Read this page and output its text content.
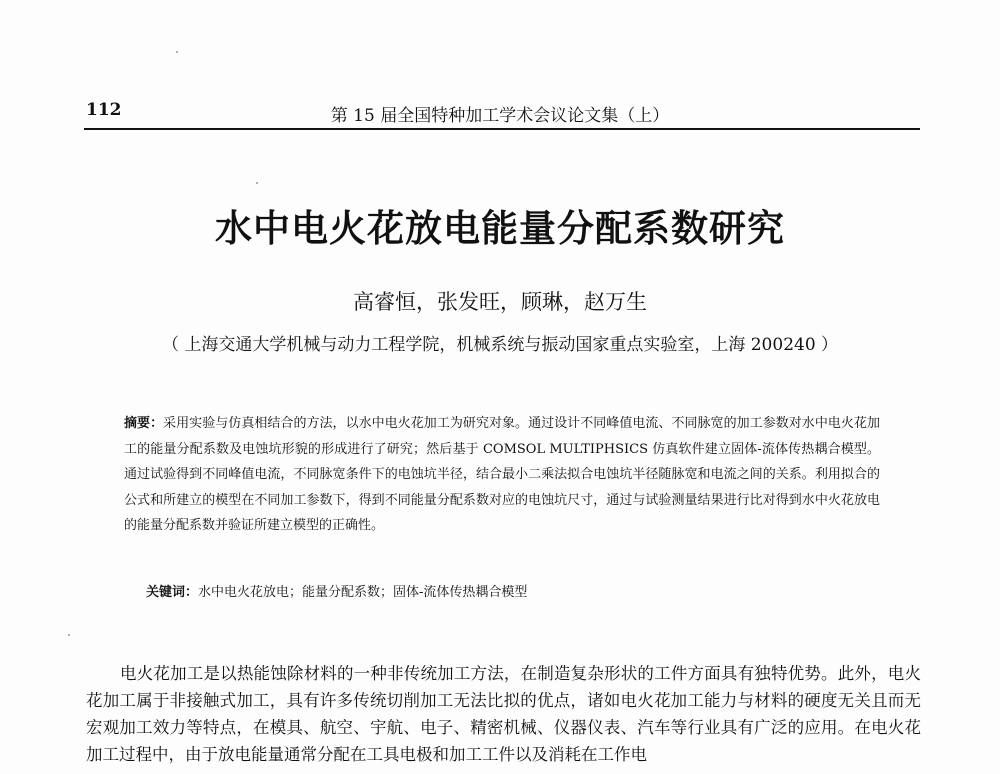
112	第 15 届全国特种加工学术会议论文集（上）
水中电火花放电能量分配系数研究
高睿恒，张发旺，顾琳，赵万生
（ 上海交通大学机械与动力工程学院，机械系统与振动国家重点实验室，上海 200240 ）
摘要：采用实验与仿真相结合的方法，以水中电火花加工为研究对象。通过设计不同峰值电流、不同脉宽的加工参数对水中电火花加工的能量分配系数及电蚀坑形貌的形成进行了研究；然后基于 COMSOL MULTIPHSICS 仿真软件建立固体-流体传热耦合模型。通过试验得到不同峰值电流，不同脉宽条件下的电蚀坑半径，结合最小二乘法拟合电蚀坑半径随脉宽和电流之间的关系。利用拟合的公式和所建立的模型在不同加工参数下，得到不同能量分配系数对应的电蚀坑尺寸，通过与试验测量结果进行比对得到水中火花放电的能量分配系数并验证所建立模型的正确性。
关键词：水中电火花放电；能量分配系数；固体-流体传热耦合模型

电火花加工是以热能蚀除材料的一种非传统加工方法，在制造复杂形状的工件方面具有独特优势。此外，电火花加工属于非接触式加工，具有许多传统切削加工无法比拟的优点，诸如电火花加工能力与材料的硬度无关且而无宏观加工效力等特点，在模具、航空、宇航、电子、精密机械、仪器仪表、汽车等行业具有广泛的应用。在电火花加工过程中，由于放电能量通常分配在工具电极和加工工件以及消耗在工作电
